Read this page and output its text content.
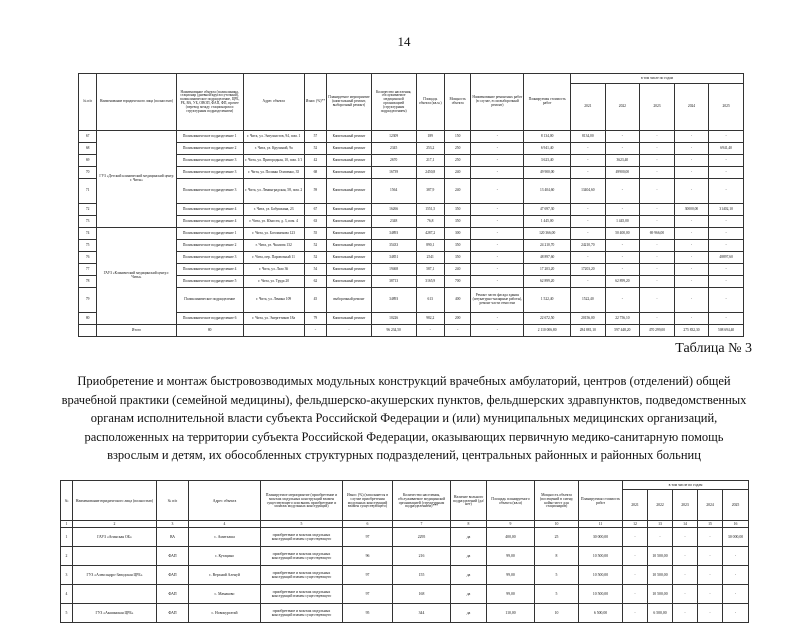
14
№ п/п	Наименование юридического лица (полностью)	Наименование объекта (поликлиника, стационар (дневной/круглосуточный), поликлиническое подразделение, ЦРБ, РБ, ВА, УБ, ОВОП, ФАП, ФП, прочее (перевод между стационаром и структурным подразделением)	Адрес объекта	Износ (%)**	Планируемое мероприятие (капитальный ремонт, выборочный ремонт)	Количество населения, обслуживаемое медицинской организацией (структурным подразделением)	Площадь объекта (кв.м.)	Мощность объекта	Наименование ремонтных работ (в случае, если выборочный ремонт)	Планируемая стоимость работ	в том числе по годам				
											2021	2022	2023	2024	2025
67	ГУЗ «Детский клинический медицинский центр г. Читы»	Поликлиническое подразделение 1	г. Чита, ул. Энтузиастов, 94, пом. 1	57	Капитальный ремонт	12309	189	150	-	8 134,00	8134,00	-	-	-	-
68		Поликлиническое подразделение 2	г. Чита, ул. Кручиной, 9а	52	Капитальный ремонт	2345	253,2	250	-	6 941,40	-	-	-	-	6941,40
69		Поликлиническое подразделение 3	г. Чита, ул. Пригородная, 10, пом. 1/1	42	Капитальный ремонт	2670	217,1	250	-	3 623,40	-	3623,40	-	-	-
70		Поликлиническое подразделение 3	г. Чита, ул. Полины Осипенко, 35	68	Капитальный ремонт	16739	2450,8	240	-	49 900,00	-	49900,00	-	-	-
71		Поликлиническое подразделение 3	г. Чита, ул. Ленинградская, 58, пом. 2	59	Капитальный ремонт	1564	387,9	240	-	13 404,60	13404,60	-	-	-	-
72		Поликлиническое подразделение 4	г. Чита, ул. Бабушкина, 23	67	Капитальный ремонт	16266	1551,5	350	-	47 697,30	-	-	-	30000,00	31402,10
73		Поликлиническое подразделение 4	г. Чита, ул. Юности, д. 3, пом. 4	63	Капитальный ремонт	2348	76,8	350	-	1 445,00	-	1 445,00	-	-	-
74	ГАУЗ «Клинический медицинский центр г. Читы»	Поликлиническое подразделение 1	г. Чита, ул. Богомягкова 123	55	Капитальный ремонт	34893	4287,2	300	-	120 366,00	-	50 400,00	69 966,00	-	-
75		Поликлиническое подразделение 2	г. Чита, ул. Чкалова 132	52	Капитальный ремонт	35433	890,1	350	-	24 210,70	24210,70	-	-	-	-
76		Поликлиническое подразделение 3	г. Чита, пер. Паровозный 11	52	Капитальный ремонт	34851	2541	350	-	48 897,60	-	-	-	-	48897,60
77		Поликлиническое подразделение 4	г. Чита, ул. Лазо 36	54	Капитальный ремонт	19468	587,1	240	-	17 203,20	17203,20	-	-	-	-
78		Поликлиническое подразделение 5	г. Чита, ул. Труда 20	62	Капитальный ремонт	38713	3165,9	700	-	62 899,20	-	62 899,20	-	-	-
79		Поликлиническое подразделение	г. Чита, ул. Ленина 109	45	выборочный ремонт	34893	613	400	Ремонт части фасада здания (штукатурно-малярные работы), ремонт части отмостки	1 522,40	1522,40	-	-	-	-
80		Поликлиническое подразделение 6	г. Чита, ул. Энергетиков 18а	79	Капитальный ремонт	10226	982,2	200	-	22 672,50	20156,00	22 756,10	-	-	-
	Итого	80		-	-	96 234,50	-	-	-	2 110 006,80	284 881,10	597 448,20	470 299,00	275 832,30	508 694,40
Таблица № 3
Приобретение и монтаж быстровозводимых модульных конструкций врачебных амбулаторий, центров (отделений) общей врачебной практики (семейной медицины), фельдшерско-акушерских пунктов, фельдшерских здравпунктов, подведомственных органам исполнительной власти субъекта Российской Федерации и (или) муниципальных медицинских организаций, расположенных на территории субъекта Российской Федерации, оказывающих первичную медико-санитарную помощь взрослым и детям, их обособленных структурных подразделений, центральных районных и районных больниц
№	Наименование юридического лица (полностью)	№ п/п	Адрес объекта	Планируемое мероприятие (приобретение и монтаж модульных конструкций взамен существующего или вновь приобретение и монтаж модульных конструкций)	Износ (%) (заполняется в случае приобретения модульных конструкций взамен существующего)	Количество населения, обслуживаемое медицинской организацией (структурным подразделением)***	Наличие вольного подразделений (да/нет)	Площадь планируемого объекта (кв.м)	Мощность объекта (посещений в смену, койко-мест для стационаров)	Планируемая стоимость работ	в том числе по годам				
											2021	2022	2023	2024	2025
1	2	3	4	5	6	7	8	9	10	11	12	13	14	15	16
1	ГАУЗ «Агинская ОБ»	ВА	с. Амитхаша	приобретение и монтаж модульных конструкций взамен существующего	97	2295	да	400,00	25	30 000,00	-	-	-	-	30 000,00
2		ФАП	с. Кутацино	приобретение и монтаж модульных конструкций взамен существующего	96	216	да	99,00	8	10 500,00	-	10 500,00	-	-	-
3	ГУЗ «Александро-Заводская ЦРБ»	ФАП	с. Верхний Аленуй	приобретение и монтаж модульных конструкций взамен существующего	97	155	да	99,00	5	10 500,00	-	10 500,00	-	-	-
4		ФАП	с. Мамаково	приобретение и монтаж модульных конструкций взамен существующего	97	168	да	99,00	5	10 500,00	-	10 500,00	-	-	-
5	ГУЗ «Акшинская ЦРБ»	ФАП	с. Новокургатай	приобретение и монтаж модульных конструкций взамен существующего	95	344	да	110,00	10	6 500,00	-	6 500,00	-	-	-
